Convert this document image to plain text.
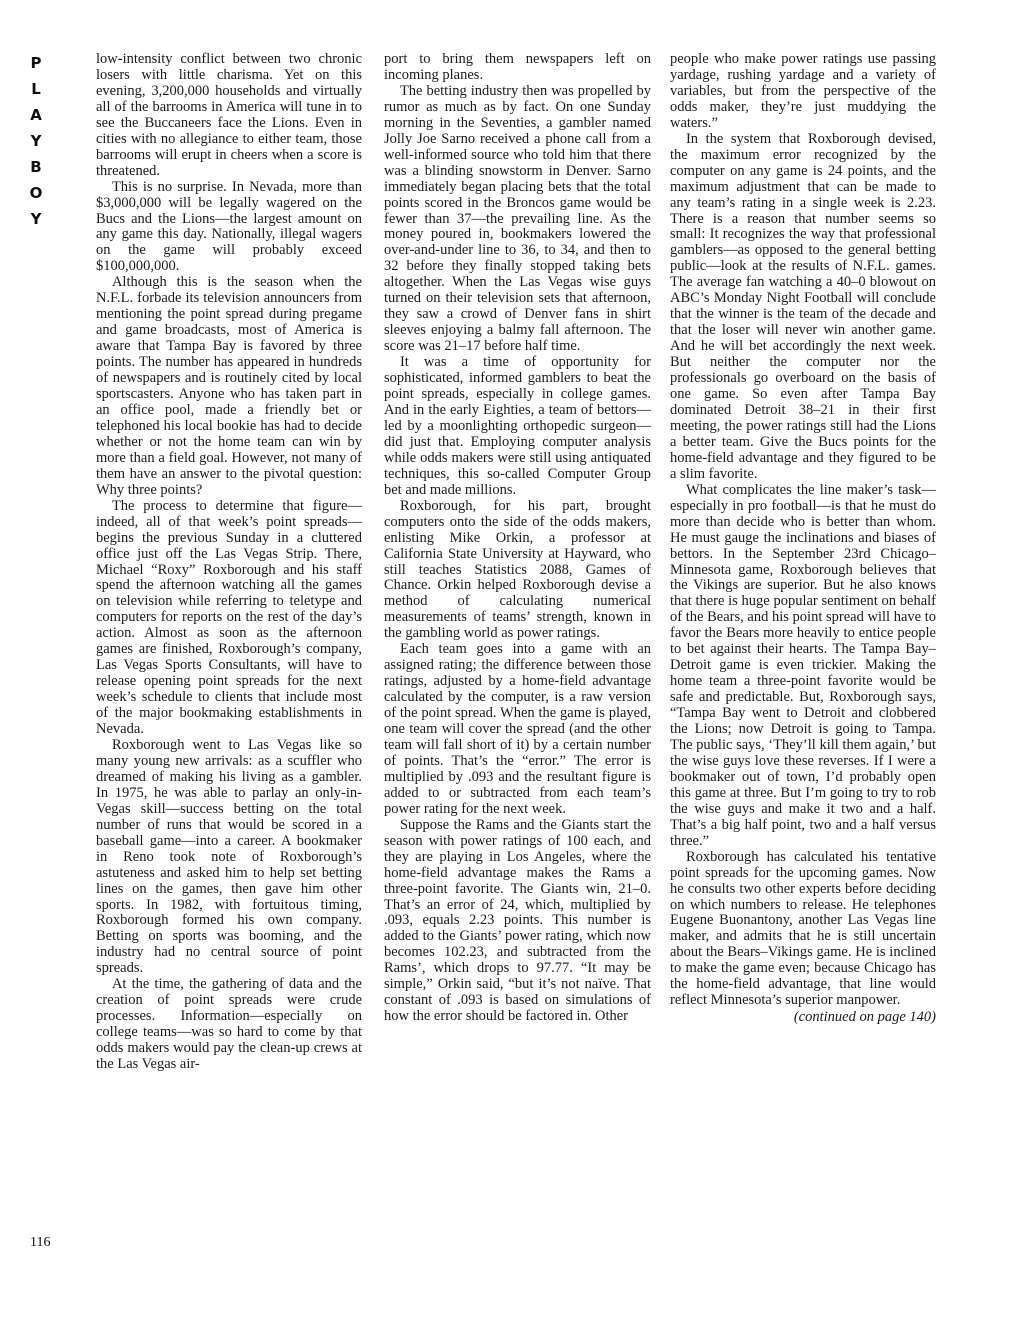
P
L
A
Y
B
O
Y
116

low-intensity conflict between two chronic losers with little charisma. Yet on this evening, 3,200,000 households and virtually all of the barrooms in America will tune in to see the Buccaneers face the Lions. Even in cities with no allegiance to either team, those barrooms will erupt in cheers when a score is threatened.

This is no surprise. In Nevada, more than $3,000,000 will be legally wagered on the Bucs and the Lions—the largest amount on any game this day. Nationally, illegal wagers on the game will probably exceed $100,000,000.

Although this is the season when the N.F.L. forbade its television announcers from mentioning the point spread during pregame and game broadcasts, most of America is aware that Tampa Bay is favored by three points. The number has appeared in hundreds of newspapers and is routinely cited by local sportscasters. Anyone who has taken part in an office pool, made a friendly bet or telephoned his local bookie has had to decide whether or not the home team can win by more than a field goal. However, not many of them have an answer to the pivotal question: Why three points?

The process to determine that figure—indeed, all of that week’s point spreads—begins the previous Sunday in a cluttered office just off the Las Vegas Strip. There, Michael “Roxy” Roxborough and his staff spend the afternoon watching all the games on television while referring to teletype and computers for reports on the rest of the day’s action. Almost as soon as the afternoon games are finished, Roxborough’s company, Las Vegas Sports Consultants, will have to release opening point spreads for the next week’s schedule to clients that include most of the major bookmaking establishments in Nevada.

Roxborough went to Las Vegas like so many young new arrivals: as a scuffler who dreamed of making his living as a gambler. In 1975, he was able to parlay an only-in-Vegas skill—success betting on the total number of runs that would be scored in a baseball game—into a career. A bookmaker in Reno took note of Roxborough’s astuteness and asked him to help set betting lines on the games, then gave him other sports. In 1982, with fortuitous timing, Roxborough formed his own company. Betting on sports was booming, and the industry had no central source of point spreads.

At the time, the gathering of data and the creation of point spreads were crude processes. Information—especially on college teams—was so hard to come by that odds makers would pay the clean-up crews at the Las Vegas air-

port to bring them newspapers left on incoming planes.

The betting industry then was propelled by rumor as much as by fact. On one Sunday morning in the Seventies, a gambler named Jolly Joe Sarno received a phone call from a well-informed source who told him that there was a blinding snowstorm in Denver. Sarno immediately began placing bets that the total points scored in the Broncos game would be fewer than 37—the prevailing line. As the money poured in, bookmakers lowered the over-and-under line to 36, to 34, and then to 32 before they finally stopped taking bets altogether. When the Las Vegas wise guys turned on their television sets that afternoon, they saw a crowd of Denver fans in shirt sleeves enjoying a balmy fall afternoon. The score was 21–17 before half time.

It was a time of opportunity for sophisticated, informed gamblers to beat the point spreads, especially in college games. And in the early Eighties, a team of bettors—led by a moonlighting orthopedic surgeon—did just that. Employing computer analysis while odds makers were still using antiquated techniques, this so-called Computer Group bet and made millions.

Roxborough, for his part, brought computers onto the side of the odds makers, enlisting Mike Orkin, a professor at California State University at Hayward, who still teaches Statistics 2088, Games of Chance. Orkin helped Roxborough devise a method of calculating numerical measurements of teams’ strength, known in the gambling world as power ratings.

Each team goes into a game with an assigned rating; the difference between those ratings, adjusted by a home-field advantage calculated by the computer, is a raw version of the point spread. When the game is played, one team will cover the spread (and the other team will fall short of it) by a certain number of points. That’s the “error.” The error is multiplied by .093 and the resultant figure is added to or subtracted from each team’s power rating for the next week.

Suppose the Rams and the Giants start the season with power ratings of 100 each, and they are playing in Los Angeles, where the home-field advantage makes the Rams a three-point favorite. The Giants win, 21–0. That’s an error of 24, which, multiplied by .093, equals 2.23 points. This number is added to the Giants’ power rating, which now becomes 102.23, and subtracted from the Rams’, which drops to 97.77. “It may be simple,” Orkin said, “but it’s not naïve. That constant of .093 is based on simulations of how the error should be factored in. Other

people who make power ratings use passing yardage, rushing yardage and a variety of variables, but from the perspective of the odds maker, they’re just muddying the waters.”

In the system that Roxborough devised, the maximum error recognized by the computer on any game is 24 points, and the maximum adjustment that can be made to any team’s rating in a single week is 2.23. There is a reason that number seems so small: It recognizes the way that professional gamblers—as opposed to the general betting public—look at the results of N.F.L. games. The average fan watching a 40–0 blowout on ABC’s Monday Night Football will conclude that the winner is the team of the decade and that the loser will never win another game. And he will bet accordingly the next week. But neither the computer nor the professionals go overboard on the basis of one game. So even after Tampa Bay dominated Detroit 38–21 in their first meeting, the power ratings still had the Lions a better team. Give the Bucs points for the home-field advantage and they figured to be a slim favorite.

What complicates the line maker’s task—especially in pro football—is that he must do more than decide who is better than whom. He must gauge the inclinations and biases of bettors. In the September 23rd Chicago–Minnesota game, Roxborough believes that the Vikings are superior. But he also knows that there is huge popular sentiment on behalf of the Bears, and his point spread will have to favor the Bears more heavily to entice people to bet against their hearts. The Tampa Bay–Detroit game is even trickier. Making the home team a three-point favorite would be safe and predictable. But, Roxborough says, “Tampa Bay went to Detroit and clobbered the Lions; now Detroit is going to Tampa. The public says, ‘They’ll kill them again,’ but the wise guys love these reverses. If I were a bookmaker out of town, I’d probably open this game at three. But I’m going to try to rob the wise guys and make it two and a half. That’s a big half point, two and a half versus three.”

Roxborough has calculated his tentative point spreads for the upcoming games. Now he consults two other experts before deciding on which numbers to release. He telephones Eugene Buonantony, another Las Vegas line maker, and admits that he is still uncertain about the Bears–Vikings game. He is inclined to make the game even; because Chicago has the home-field advantage, that line would reflect Minnesota’s superior manpower.

(continued on page 140)
